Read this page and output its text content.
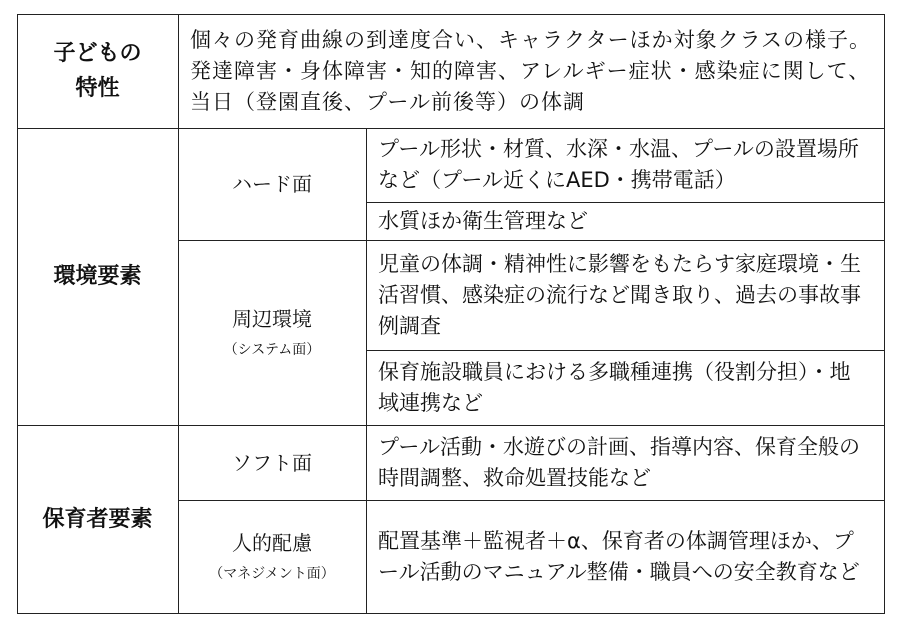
子どもの
特性
個々の発育曲線の到達度合い、キャラクターほか対象クラスの様子。発達障害・身体障害・知的障害、アレルギー症状・感染症に関して、当日（登園直後、プール前後等）の体調
環境要素
ハード面
プール形状・材質、水深・水温、プールの設置場所など（プール近くにAED・携帯電話）
水質ほか衛生管理など
周辺環境
（システム面）
児童の体調・精神性に影響をもたらす家庭環境・生活習慣、感染症の流行など聞き取り、過去の事故事例調査
保育施設職員における多職種連携（役割分担）・地域連携など
保育者要素
ソフト面
プール活動・水遊びの計画、指導内容、保育全般の時間調整、救命処置技能など
人的配慮
（マネジメント面）
配置基準＋監視者＋α、保育者の体調管理ほか、プール活動のマニュアル整備・職員への安全教育など
